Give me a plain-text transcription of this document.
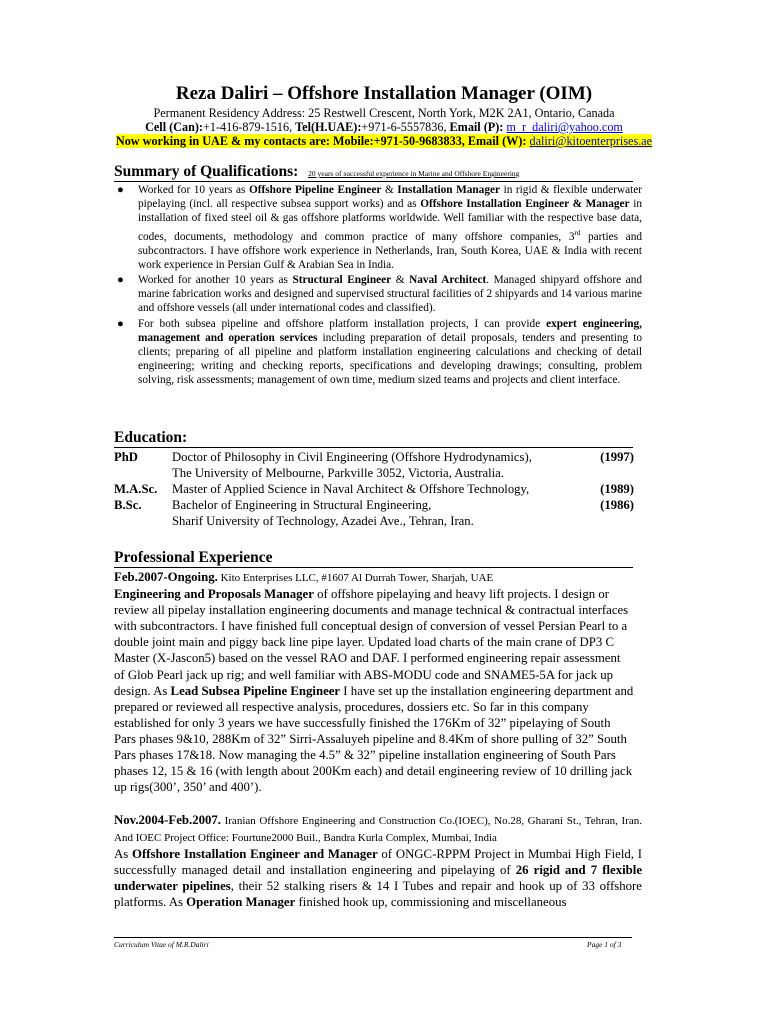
Reza Daliri – Offshore Installation Manager (OIM)
Permanent Residency Address: 25 Restwell Crescent, North York, M2K 2A1, Ontario, Canada
Cell (Can):+1-416-879-1516, Tel(H.UAE):+971-6-5557836, Email (P): m_r_daliri@yahoo.com
Now working in UAE & my contacts are: Mobile:+971-50-9683833, Email (W): daliri@kitoenterprises.ae
Summary of Qualifications: 20 years of successful experience in Marine and Offshore Engineering
● Worked for 10 years as Offshore Pipeline Engineer & Installation Manager in rigid & flexible underwater pipelaying (incl. all respective subsea support works) and as Offshore Installation Engineer & Manager in installation of fixed steel oil & gas offshore platforms worldwide. Well familiar with the respective base data, codes, documents, methodology and common practice of many offshore companies, 3rd parties and subcontractors. I have offshore work experience in Netherlands, Iran, South Korea, UAE & India with recent work experience in Persian Gulf & Arabian Sea in India.
● Worked for another 10 years as Structural Engineer & Naval Architect. Managed shipyard offshore and marine fabrication works and designed and supervised structural facilities of 2 shipyards and 14 various marine and offshore vessels (all under international codes and classified).
● For both subsea pipeline and offshore platform installation projects, I can provide expert engineering, management and operation services including preparation of detail proposals, tenders and presenting to clients; preparing of all pipeline and platform installation engineering calculations and checking of detail engineering; writing and checking reports, specifications and developing drawings; consulting, problem solving, risk assessments; management of own time, medium sized teams and projects and client interface.
Education:
PhD	Doctor of Philosophy in Civil Engineering (Offshore Hydrodynamics),	(1997)
The University of Melbourne, Parkville 3052, Victoria, Australia.
M.A.Sc. Master of Applied Science in Naval Architect & Offshore Technology,	(1989)
B.Sc. Bachelor of Engineering in Structural Engineering,	(1986)
Sharif University of Technology, Azadei Ave., Tehran, Iran.
Professional Experience

Feb.2007-Ongoing. Kito Enterprises LLC, #1607 Al Durrah Tower, Sharjah, UAE
Engineering and Proposals Manager of offshore pipelaying and heavy lift projects. I design or review all pipelay installation engineering documents and manage technical & contractual interfaces with subcontractors. I have finished full conceptual design of conversion of vessel Persian Pearl to a double joint main and piggy back line pipe layer. Updated load charts of the main crane of DP3 C Master (X-Jascon5) based on the vessel RAO and DAF. I performed engineering repair assessment of Glob Pearl jack up rig; and well familiar with ABS-MODU code and SNAME5-5A for jack up design. As Lead Subsea Pipeline Engineer I have set up the installation engineering department and prepared or reviewed all respective analysis, procedures, dossiers etc. So far in this company established for only 3 years we have successfully finished the 176Km of 32” pipelaying of South Pars phases 9&10, 288Km of 32” Sirri-Assaluyeh pipeline and 8.4Km of shore pulling of 32” South Pars phases 17&18. Now managing the 4.5” & 32” pipeline installation engineering of South Pars phases 12, 15 & 16 (with length about 200Km each) and detail engineering review of 10 drilling jack up rigs(300’, 350’ and 400’).

Nov.2004-Feb.2007. Iranian Offshore Engineering and Construction Co.(IOEC), No.28, Gharani St., Tehran, Iran. And IOEC Project Office: Fourtune2000 Buil., Bandra Kurla Complex, Mumbai, India
As Offshore Installation Engineer and Manager of ONGC-RPPM Project in Mumbai High Field, I successfully managed detail and installation engineering and pipelaying of 26 rigid and 7 flexible underwater pipelines, their 52 stalking risers & 14 I Tubes and repair and hook up of 33 offshore platforms. As Operation Manager finished hook up, commissioning and miscellaneous

Curriculum Vitae of M.R.Daliri	Page 1 of 3
